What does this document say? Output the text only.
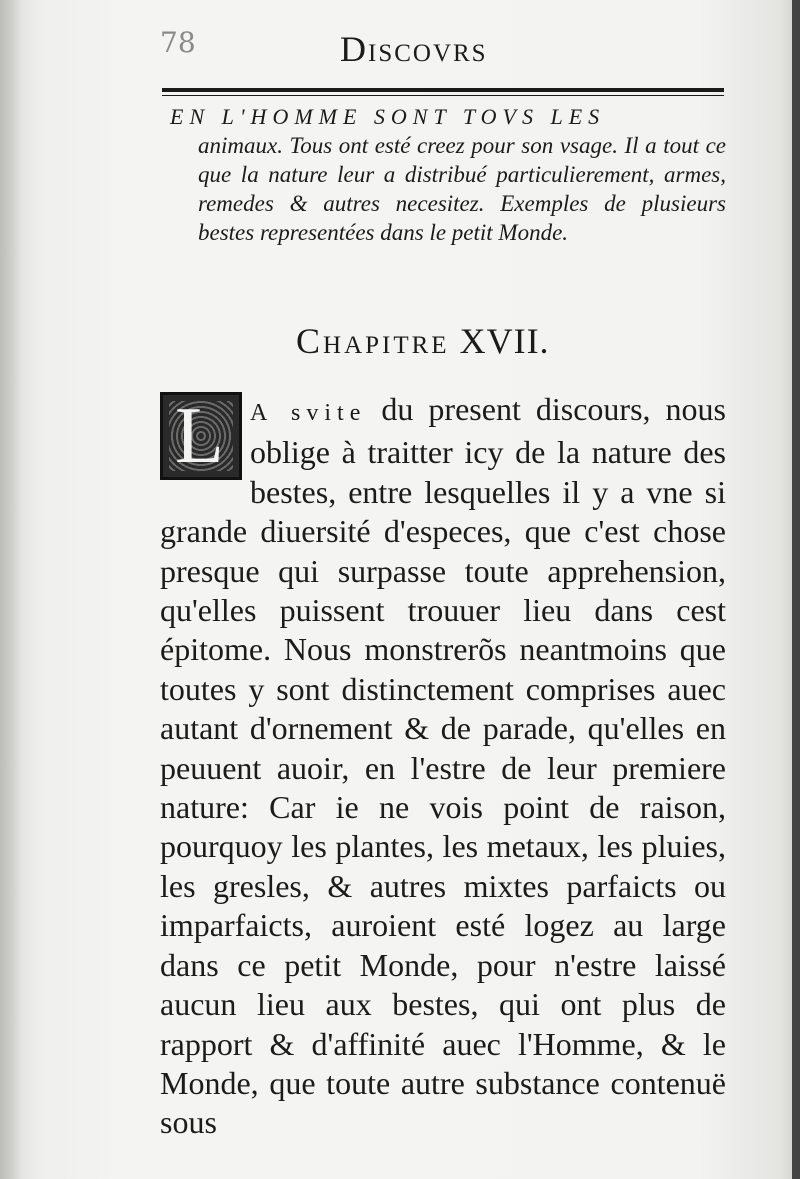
78	Discovrs
EN L'HOMME SONT TOVS LES
animaux. Tous ont esté creez pour son vsage. Il a tout ce que la nature leur a distribué particulierement, armes, remedes & autres necesitez. Exemples de plusieurs bestes representées dans le petit Monde.
Chapitre XVII.
L A svite du present discours, nous oblige à traitter icy de la nature des bestes, entre lesquelles il y a vne si grande diuersité d'especes, que c'est chose presque qui surpasse toute apprehension, qu'elles puissent trouuer lieu dans cest épitome. Nous monstrerõs neantmoins que toutes y sont distinctement comprises auec autant d'ornement & de parade, qu'elles en peuuent auoir, en l'estre de leur premiere nature: Car ie ne vois point de raison, pourquoy les plantes, les metaux, les pluies, les gresles, & autres mixtes parfaicts ou imparfaicts, auroient esté logez au large dans ce petit Monde, pour n'estre laissé aucun lieu aux bestes, qui ont plus de rapport & d'affinité auec l'Homme, & le Monde, que toute autre substance contenuë sous
